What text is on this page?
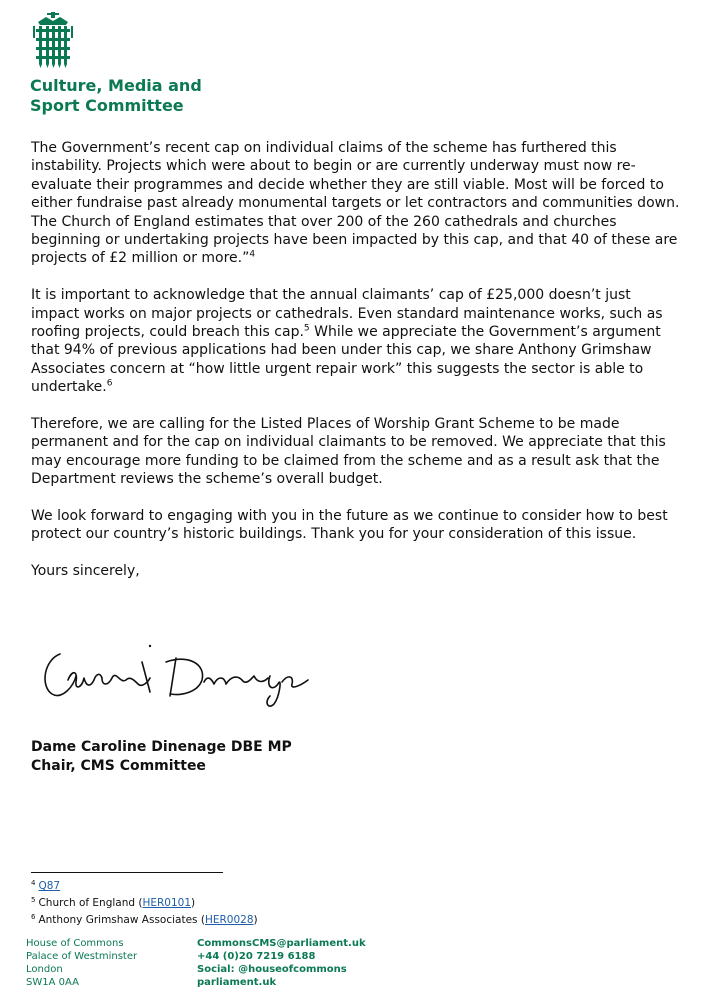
Culture, Media and
Sport Committee

The Government’s recent cap on individual claims of the scheme has furthered this instability. Projects which were about to begin or are currently underway must now re-evaluate their programmes and decide whether they are still viable. Most will be forced to either fundraise past already monumental targets or let contractors and communities down. The Church of England estimates that over 200 of the 260 cathedrals and churches beginning or undertaking projects have been impacted by this cap, and that 40 of these are projects of £2 million or more.”$^4$

It is important to acknowledge that the annual claimants’ cap of £25,000 doesn’t just impact works on major projects or cathedrals. Even standard maintenance works, such as roofing projects, could breach this cap.$^5$ While we appreciate the Government’s argument that 94% of previous applications had been under this cap, we share Anthony Grimshaw Associates concern at “how little urgent repair work” this suggests the sector is able to undertake.$^6$

Therefore, we are calling for the Listed Places of Worship Grant Scheme to be made permanent and for the cap on individual claimants to be removed. We appreciate that this may encourage more funding to be claimed from the scheme and as a result ask that the Department reviews the scheme’s overall budget.

We look forward to engaging with you in the future as we continue to consider how to best protect our country’s historic buildings. Thank you for your consideration of this issue.

Yours sincerely,

Dame Caroline Dinenage DBE MP
Chair, CMS Committee
$^4$ Q87
$^5$ Church of England (HER0101)
$^6$ Anthony Grimshaw Associates (HER0028)
House of Commons
Palace of Westminster
London
SW1A 0AA
CommonsCMS@parliament.uk
+44 (0)20 7219 6188
Social: @houseofcommons
parliament.uk
